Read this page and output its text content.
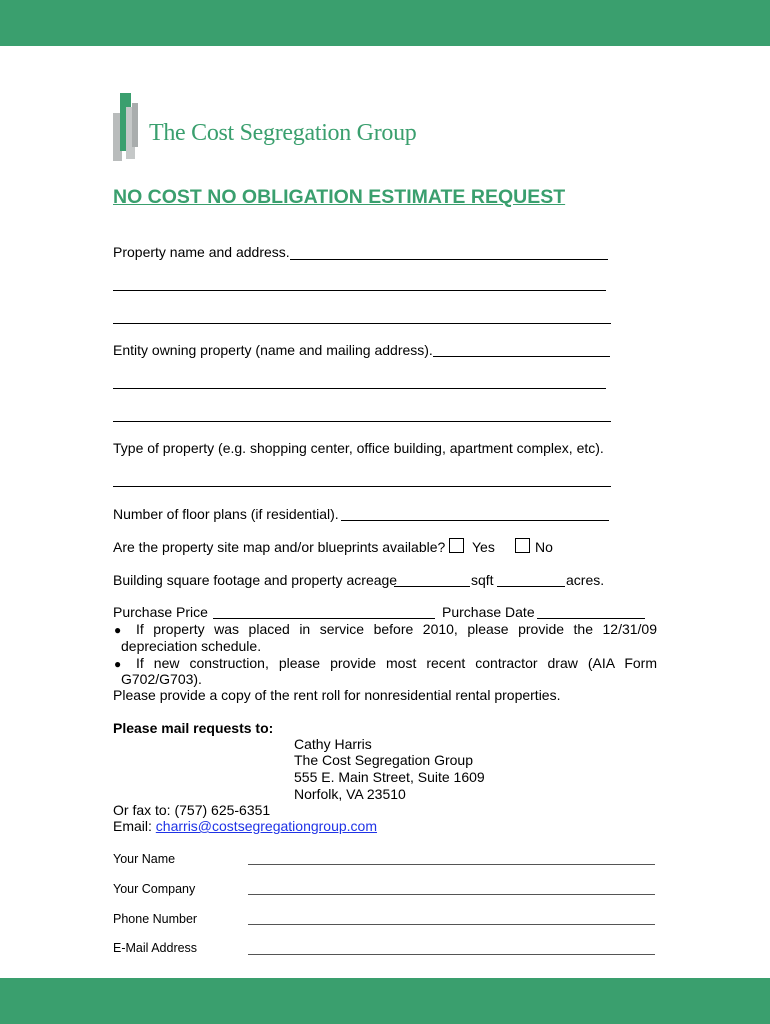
The Cost Segregation Group
NO COST NO OBLIGATION ESTIMATE REQUEST
Property name and address.
Entity owning property (name and mailing address).
Type of property (e.g. shopping center, office building, apartment complex, etc).
Number of floor plans (if residential).
Are the property site map and/or blueprints available? Yes	No
Building square footage and property acreage	sqft	acres.
Purchase Price	Purchase Date
● If property was placed in service before 2010, please provide the 12/31/09
depreciation schedule.
● If new construction, please provide most recent contractor draw (AIA Form
G702/G703).
Please provide a copy of the rent roll for nonresidential rental properties.
Please mail requests to:
Cathy Harris
The Cost Segregation Group
555 E. Main Street, Suite 1609
Norfolk, VA 23510
Or fax to: (757) 625-6351
Email: charris@costsegregationgroup.com
Your Name
Your Company
Phone Number
E-Mail Address
